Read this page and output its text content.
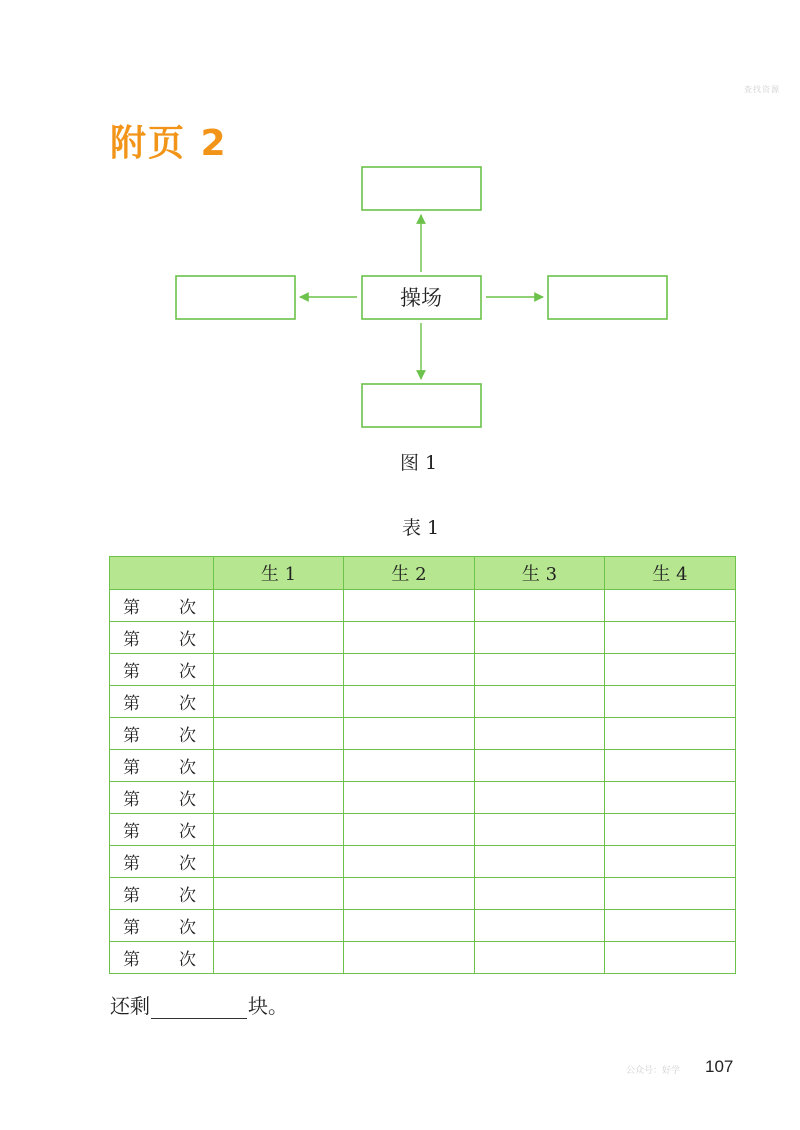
查找资源
附页 2
操场
图 1
表 1
	生 1	生 2	生 3	生 4
第 次				
第 次				
第 次				
第 次				
第 次				
第 次				
第 次				
第 次				
第 次				
第 次				
第 次				
第 次				
还剩	块。
公众号：好学 107
